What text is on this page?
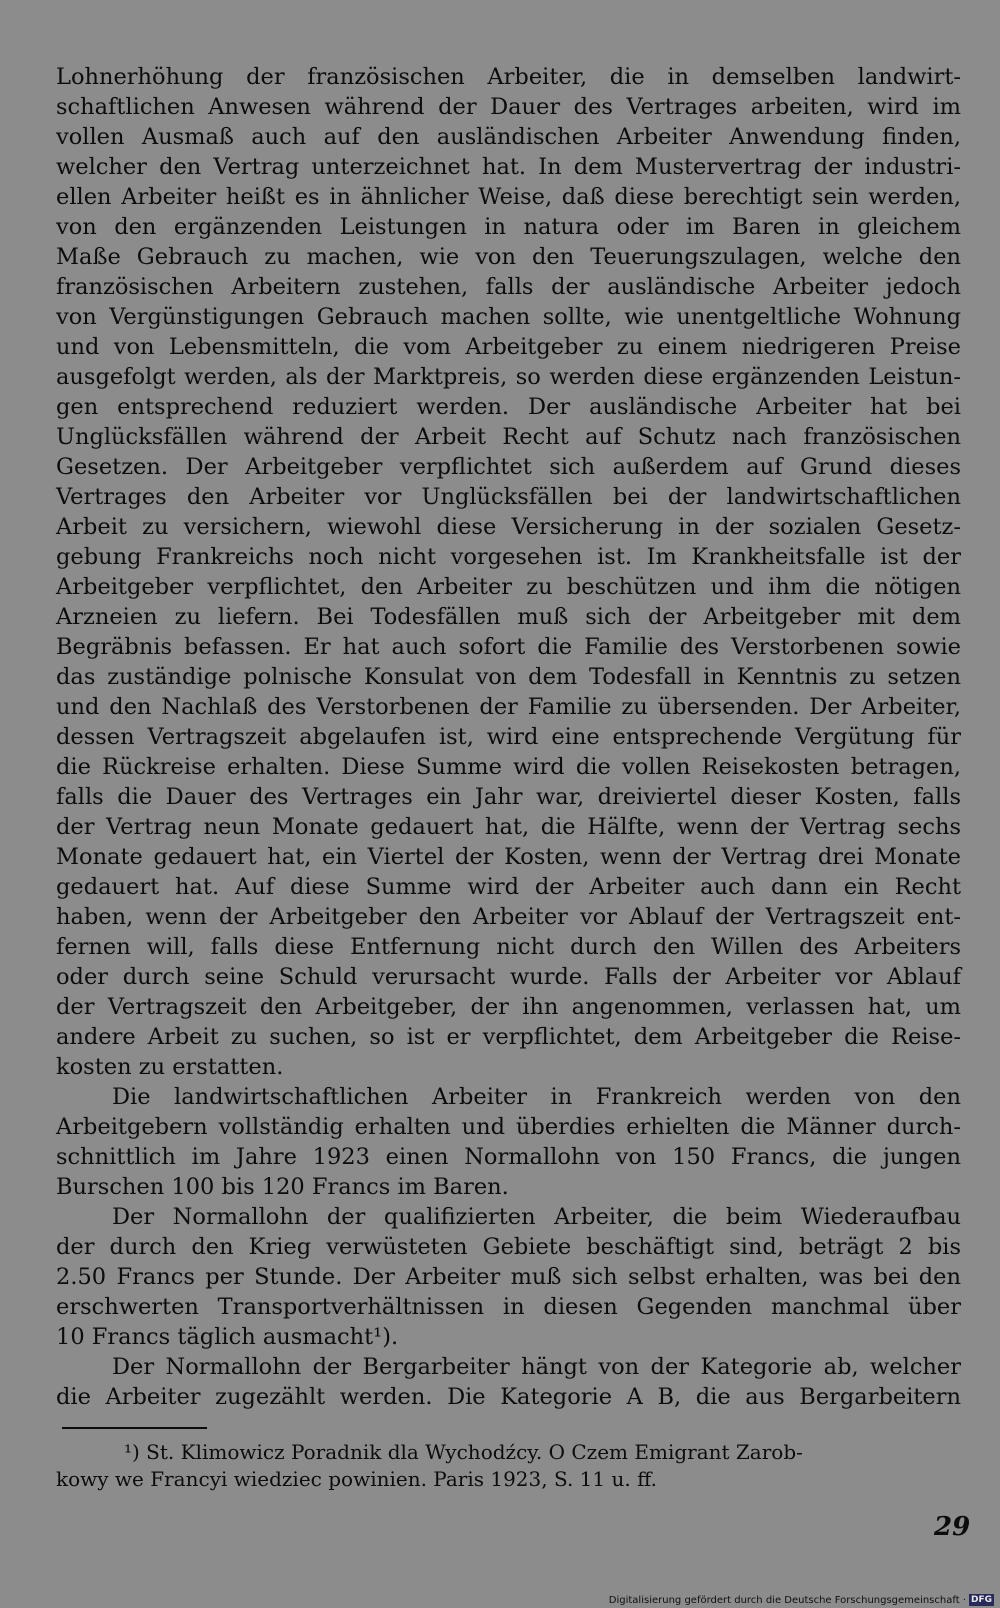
Lohnerhöhung der französischen Arbeiter, die in demselben landwirt-
schaftlichen Anwesen während der Dauer des Vertrages arbeiten, wird im
vollen Ausmaß auch auf den ausländischen Arbeiter Anwendung finden,
welcher den Vertrag unterzeichnet hat. In dem Mustervertrag der industri-
ellen Arbeiter heißt es in ähnlicher Weise, daß diese berechtigt sein werden,
von den ergänzenden Leistungen in natura oder im Baren in gleichem
Maße Gebrauch zu machen, wie von den Teuerungszulagen, welche den
französischen Arbeitern zustehen, falls der ausländische Arbeiter jedoch
von Vergünstigungen Gebrauch machen sollte, wie unentgeltliche Wohnung
und von Lebensmitteln, die vom Arbeitgeber zu einem niedrigeren Preise
ausgefolgt werden, als der Marktpreis, so werden diese ergänzenden Leistun-
gen entsprechend reduziert werden. Der ausländische Arbeiter hat bei
Unglücksfällen während der Arbeit Recht auf Schutz nach französischen
Gesetzen. Der Arbeitgeber verpflichtet sich außerdem auf Grund dieses
Vertrages den Arbeiter vor Unglücksfällen bei der landwirtschaftlichen
Arbeit zu versichern, wiewohl diese Versicherung in der sozialen Gesetz-
gebung Frankreichs noch nicht vorgesehen ist. Im Krankheitsfalle ist der
Arbeitgeber verpflichtet, den Arbeiter zu beschützen und ihm die nötigen
Arzneien zu liefern. Bei Todesfällen muß sich der Arbeitgeber mit dem
Begräbnis befassen. Er hat auch sofort die Familie des Verstorbenen sowie
das zuständige polnische Konsulat von dem Todesfall in Kenntnis zu setzen
und den Nachlaß des Verstorbenen der Familie zu übersenden. Der Arbeiter,
dessen Vertragszeit abgelaufen ist, wird eine entsprechende Vergütung für
die Rückreise erhalten. Diese Summe wird die vollen Reisekosten betragen,
falls die Dauer des Vertrages ein Jahr war, dreiviertel dieser Kosten, falls
der Vertrag neun Monate gedauert hat, die Hälfte, wenn der Vertrag sechs
Monate gedauert hat, ein Viertel der Kosten, wenn der Vertrag drei Monate
gedauert hat. Auf diese Summe wird der Arbeiter auch dann ein Recht
haben, wenn der Arbeitgeber den Arbeiter vor Ablauf der Vertragszeit ent-
fernen will, falls diese Entfernung nicht durch den Willen des Arbeiters
oder durch seine Schuld verursacht wurde. Falls der Arbeiter vor Ablauf
der Vertragszeit den Arbeitgeber, der ihn angenommen, verlassen hat, um
andere Arbeit zu suchen, so ist er verpflichtet, dem Arbeitgeber die Reise-
kosten zu erstatten.
Die landwirtschaftlichen Arbeiter in Frankreich werden von den
Arbeitgebern vollständig erhalten und überdies erhielten die Männer durch-
schnittlich im Jahre 1923 einen Normallohn von 150 Francs, die jungen
Burschen 100 bis 120 Francs im Baren.
Der Normallohn der qualifizierten Arbeiter, die beim Wiederaufbau
der durch den Krieg verwüsteten Gebiete beschäftigt sind, beträgt 2 bis
2.50 Francs per Stunde. Der Arbeiter muß sich selbst erhalten, was bei den
erschwerten Transportverhältnissen in diesen Gegenden manchmal über
10 Francs täglich ausmacht¹).
Der Normallohn der Bergarbeiter hängt von der Kategorie ab, welcher
die Arbeiter zugezählt werden. Die Kategorie A B, die aus Bergarbeitern
¹) St. Klimowicz Poradnik dla Wychodźcy. O Czem Emigrant Zarob-
kowy we Francyi wiedziec powinien. Paris 1923, S. 11 u. ff.
29
Digitalisierung gefördert durch die Deutsche Forschungsgemeinschaft · DFG
